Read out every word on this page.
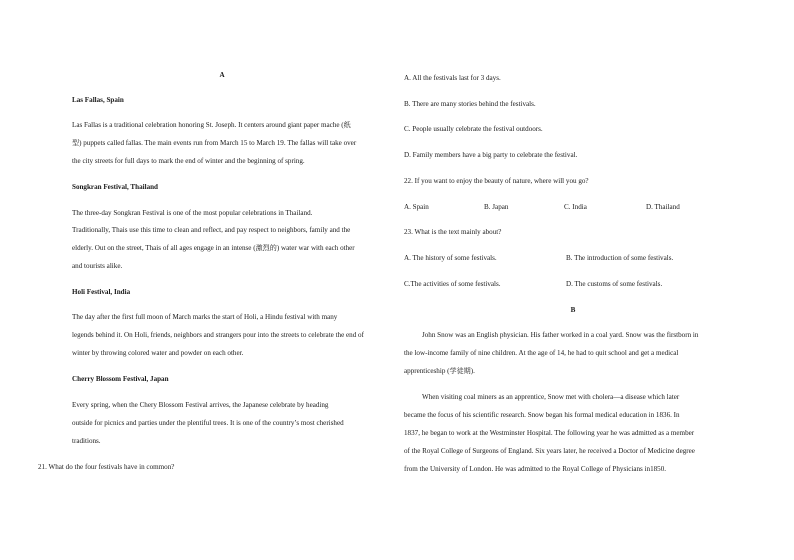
A

Las Fallas, Spain

Las Fallas is a traditional celebration honoring St. Joseph. It centers around giant paper mache (纸

型) puppets called fallas. The main events run from March 15 to March 19. The fallas will take over

the city streets for full days to mark the end of winter and the beginning of spring.

Songkran Festival, Thailand

The three-day Songkran Festival is one of the most popular celebrations in Thailand.

Traditionally, Thais use this time to clean and reflect, and pay respect to neighbors, family and the

elderly. Out on the street, Thais of all ages engage in an intense (激烈的) water war with each other

and tourists alike.

Holi Festival, India

The day after the first full moon of March marks the start of Holi, a Hindu festival with many

legends behind it. On Holi, friends, neighbors and strangers pour into the streets to celebrate the end of

winter by throwing colored water and powder on each other.

Cherry Blossom Festival, Japan

Every spring, when the Chery Blossom Festival arrives, the Japanese celebrate by heading

outside for picnics and parties under the plentiful trees. It is one of the country’s most cherished

traditions.

21. What do the four festivals have in common?

A. All the festivals last for 3 days.

B. There are many stories behind the festivals.

C. People usually celebrate the festival outdoors.

D. Family members have a big party to celebrate the festival.

22. If you want to enjoy the beauty of nature, where will you go?

A. Spain	B. Japan	C. India	D. Thailand

23. What is the text mainly about?

A. The history of some festivals.	B. The introduction of some festivals.

C.The activities of some festivals.	D. The customs of some festivals.

B

John Snow was an English physician. His father worked in a coal yard. Snow was the firstborn in

the low-income family of nine children. At the age of 14, he had to quit school and get a medical

apprenticeship (学徒期).

When visiting coal miners as an apprentice, Snow met with cholera—a disease which later

became the focus of his scientific research. Snow began his formal medical education in 1836. In

1837, he began to work at the Westminster Hospital. The following year he was admitted as a member

of the Royal College of Surgeons of England. Six years later, he received a Doctor of Medicine degree

from the University of London. He was admitted to the Royal College of Physicians in1850.
